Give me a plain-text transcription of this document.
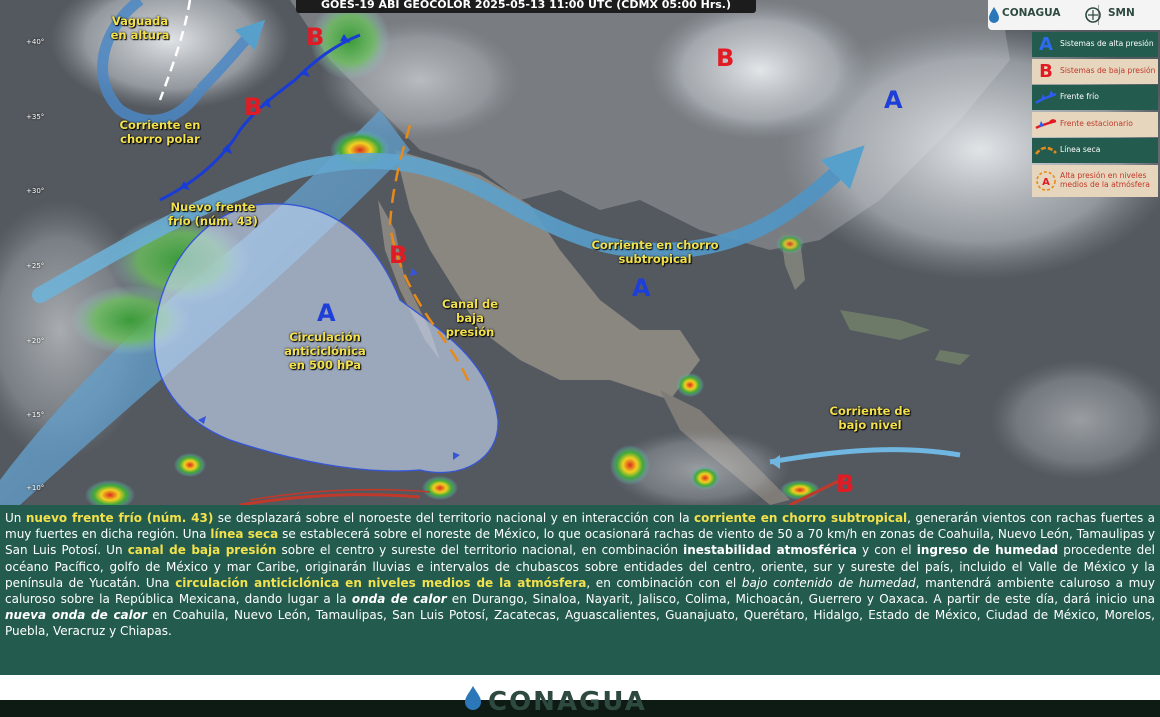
GOES-19 ABI GEOCOLOR 2025-05-13 11:00 UTC (CDMX 05:00 Hrs.)
+40°
+35°
+30°
+25°
+20°
+15°
+10°
Vaguada en altura
Corriente en chorro polar
Nuevo frente frío (núm. 43)
Circulación anticiclónica en 500 hPa
Canal de baja presión
Corriente en chorro subtropical
Corriente de bajo nivel
B
B
B
B
B
A
A
A
CONAGUA	SMN
A Sistemas de alta presión
B Sistemas de baja presión
Frente frío
Frente estacionario
Línea seca
A
Alta presión en niveles medios de la atmósfera
Un nuevo frente frío (núm. 43) se desplazará sobre el noroeste del territorio nacional y en interacción con la corriente en chorro subtropical, generarán vientos con rachas fuertes a muy fuertes en dicha región. Una línea seca se establecerá sobre el noreste de México, lo que ocasionará rachas de viento de 50 a 70 km/h en zonas de Coahuila, Nuevo León, Tamaulipas y San Luis Potosí. Un canal de baja presión sobre el centro y sureste del territorio nacional, en combinación inestabilidad atmosférica y con el ingreso de humedad procedente del océano Pacífico, golfo de México y mar Caribe, originarán lluvias e intervalos de chubascos sobre entidades del centro, oriente, sur y sureste del país, incluido el Valle de México y la península de Yucatán. Una circulación anticiclónica en niveles medios de la atmósfera, en combinación con el bajo contenido de humedad, mantendrá ambiente caluroso a muy caluroso sobre la República Mexicana, dando lugar a la onda de calor en Durango, Sinaloa, Nayarit, Jalisco, Colima, Michoacán, Guerrero y Oaxaca. A partir de este día, dará inicio una nueva onda de calor en Coahuila, Nuevo León, Tamaulipas, San Luis Potosí, Zacatecas, Aguascalientes, Guanajuato, Querétaro, Hidalgo, Estado de México, Ciudad de México, Morelos, Puebla, Veracruz y Chiapas.
CONAGUA
